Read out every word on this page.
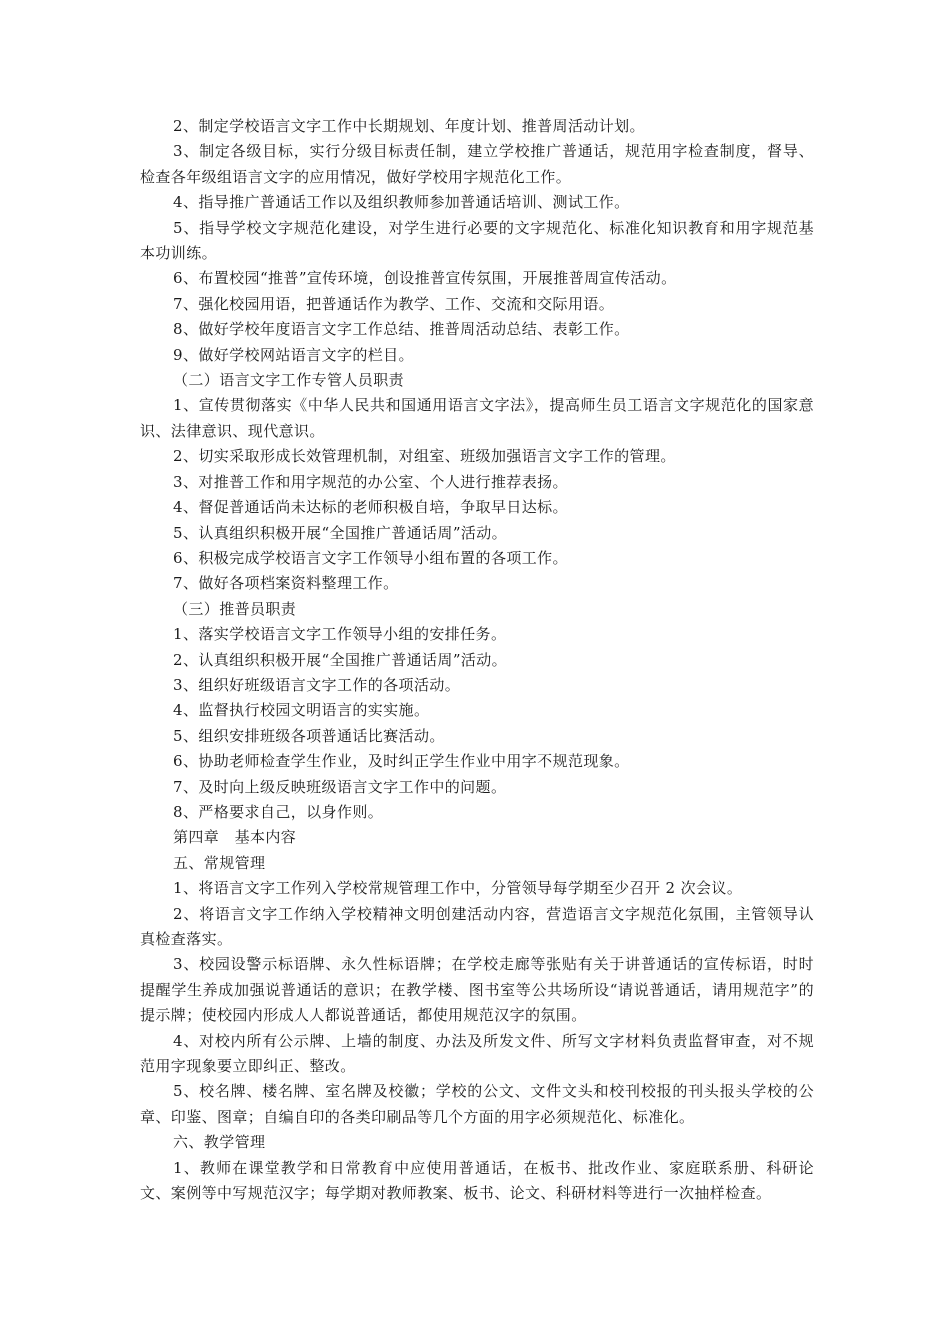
2、制定学校语言文字工作中长期规划、年度计划、推普周活动计划。

3、制定各级目标，实行分级目标责任制，建立学校推广普通话，规范用字检查制度，督导、检查各年级组语言文字的应用情况，做好学校用字规范化工作。

4、指导推广普通话工作以及组织教师参加普通话培训、测试工作。

5、指导学校文字规范化建设，对学生进行必要的文字规范化、标准化知识教育和用字规范基本功训练。

6、布置校园“推普”宣传环境，创设推普宣传氛围，开展推普周宣传活动。

7、强化校园用语，把普通话作为教学、工作、交流和交际用语。

8、做好学校年度语言文字工作总结、推普周活动总结、表彰工作。

9、做好学校网站语言文字的栏目。

（二）语言文字工作专管人员职责

1、宣传贯彻落实《中华人民共和国通用语言文字法》，提高师生员工语言文字规范化的国家意识、法律意识、现代意识。

2、切实采取形成长效管理机制，对组室、班级加强语言文字工作的管理。

3、对推普工作和用字规范的办公室、个人进行推荐表扬。

4、督促普通话尚未达标的老师积极自培，争取早日达标。

5、认真组织积极开展“全国推广普通话周”活动。

6、积极完成学校语言文字工作领导小组布置的各项工作。

7、做好各项档案资料整理工作。

（三）推普员职责

1、落实学校语言文字工作领导小组的安排任务。

2、认真组织积极开展“全国推广普通话周”活动。

3、组织好班级语言文字工作的各项活动。

4、监督执行校园文明语言的实实施。

5、组织安排班级各项普通话比赛活动。

6、协助老师检查学生作业，及时纠正学生作业中用字不规范现象。

7、及时向上级反映班级语言文字工作中的问题。

8、严格要求自己，以身作则。

第四章　基本内容

五、常规管理

1、将语言文字工作列入学校常规管理工作中，分管领导每学期至少召开 2 次会议。

2、将语言文字工作纳入学校精神文明创建活动内容，营造语言文字规范化氛围，主管领导认真检查落实。

3、校园设警示标语牌、永久性标语牌；在学校走廊等张贴有关于讲普通话的宣传标语，时时提醒学生养成加强说普通话的意识；在教学楼、图书室等公共场所设“请说普通话，请用规范字”的提示牌；使校园内形成人人都说普通话，都使用规范汉字的氛围。

4、对校内所有公示牌、上墙的制度、办法及所发文件、所写文字材料负责监督审查，对不规范用字现象要立即纠正、整改。

5、校名牌、楼名牌、室名牌及校徽；学校的公文、文件文头和校刊校报的刊头报头学校的公章、印鉴、图章；自编自印的各类印刷品等几个方面的用字必须规范化、标准化。

六、教学管理

1、教师在课堂教学和日常教育中应使用普通话，在板书、批改作业、家庭联系册、科研论文、案例等中写规范汉字；每学期对教师教案、板书、论文、科研材料等进行一次抽样检查。
